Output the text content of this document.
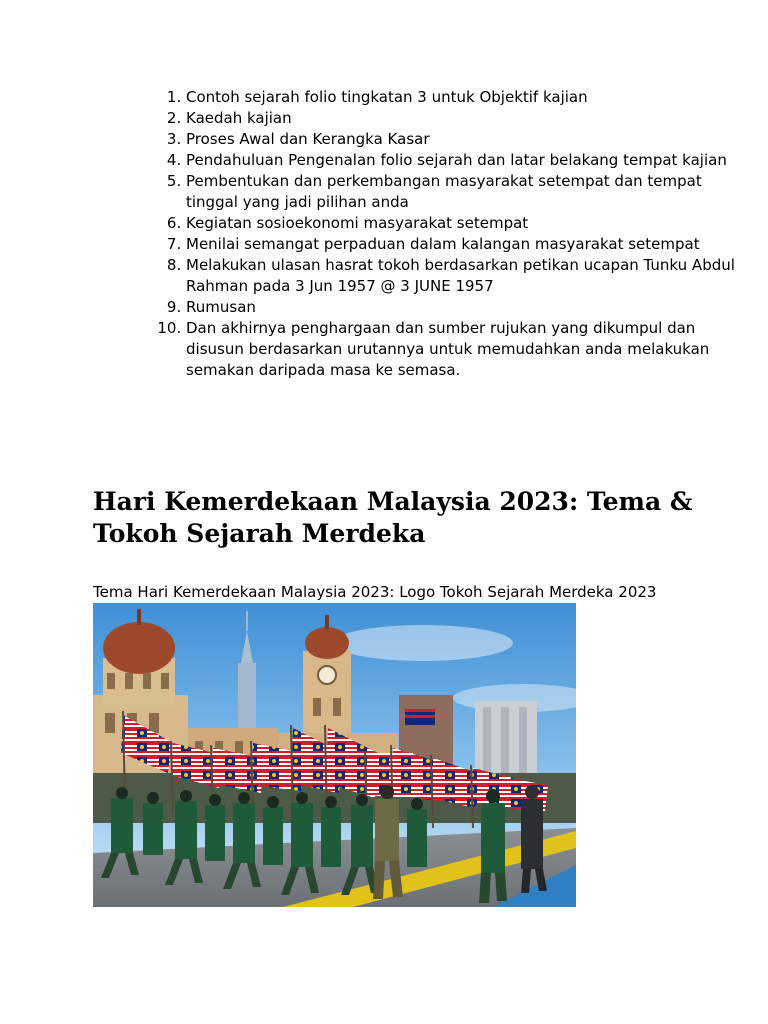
1. Contoh sejarah folio tingkatan 3 untuk Objektif kajian
2. Kaedah kajian
3. Proses Awal dan Kerangka Kasar
4. Pendahuluan Pengenalan folio sejarah dan latar belakang tempat kajian
5. Pembentukan dan perkembangan masyarakat setempat dan tempat tinggal yang jadi pilihan anda
6. Kegiatan sosioekonomi masyarakat setempat
7. Menilai semangat perpaduan dalam kalangan masyarakat setempat
8. Melakukan ulasan hasrat tokoh berdasarkan petikan ucapan Tunku Abdul Rahman pada 3 Jun 1957 @ 3 JUNE 1957
9. Rumusan
10. Dan akhirnya penghargaan dan sumber rujukan yang dikumpul dan disusun berdasarkan urutannya untuk memudahkan anda melakukan semakan daripada masa ke semasa.
Hari Kemerdekaan Malaysia 2023: Tema & Tokoh Sejarah Merdeka

Tema Hari Kemerdekaan Malaysia 2023: Logo Tokoh Sejarah Merdeka 2023
